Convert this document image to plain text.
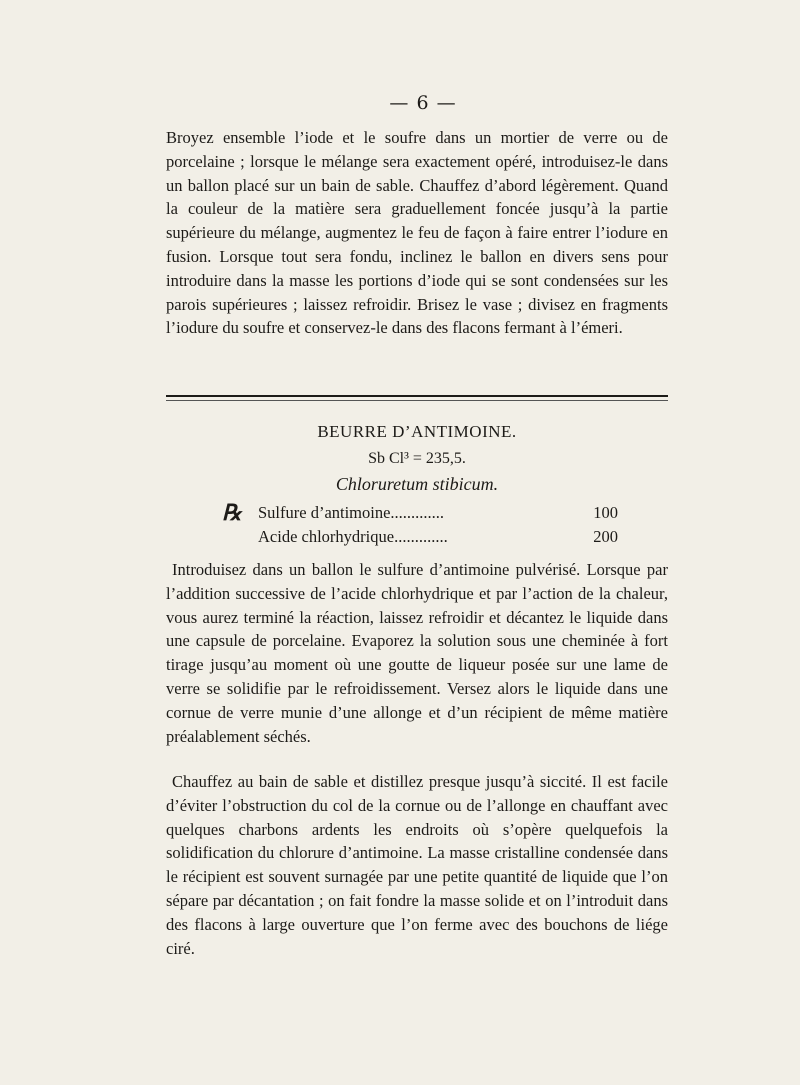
— 6 —

Broyez ensemble l’iode et le soufre dans un mortier de verre ou de porcelaine ; lorsque le mélange sera exactement opéré, introduisez-le dans un ballon placé sur un bain de sable. Chauffez d’abord légèrement. Quand la couleur de la matière sera graduellement foncée jusqu’à la partie supérieure du mélange, augmentez le feu de façon à faire entrer l’iodure en fusion. Lorsque tout sera fondu, inclinez le ballon en divers sens pour introduire dans la masse les portions d’iode qui se sont condensées sur les parois supérieures ; laissez refroidir. Brisez le vase ; divisez en fragments l’iodure du soufre et conservez-le dans des flacons fermant à l’émeri.

BEURRE D’ANTIMOINE.
Sb Cl³ = 235,5.
Chloruretum stibicum.
℞ Sulfure d’antimoine.............	100
Acide chlorhydrique.............	200

Introduisez dans un ballon le sulfure d’antimoine pulvérisé. Lorsque par l’addition successive de l’acide chlorhydrique et par l’action de la chaleur, vous aurez terminé la réaction, laissez refroidir et décantez le liquide dans une capsule de porcelaine. Evaporez la solution sous une cheminée à fort tirage jusqu’au moment où une goutte de liqueur posée sur une lame de verre se solidifie par le refroidissement. Versez alors le liquide dans une cornue de verre munie d’une allonge et d’un récipient de même matière préalablement séchés.

Chauffez au bain de sable et distillez presque jusqu’à siccité. Il est facile d’éviter l’obstruction du col de la cornue ou de l’allonge en chauffant avec quelques charbons ardents les endroits où s’opère quelquefois la solidification du chlorure d’antimoine. La masse cristalline condensée dans le récipient est souvent surnagée par une petite quantité de liquide que l’on sépare par décantation ; on fait fondre la masse solide et on l’introduit dans des flacons à large ouverture que l’on ferme avec des bouchons de liége ciré.
